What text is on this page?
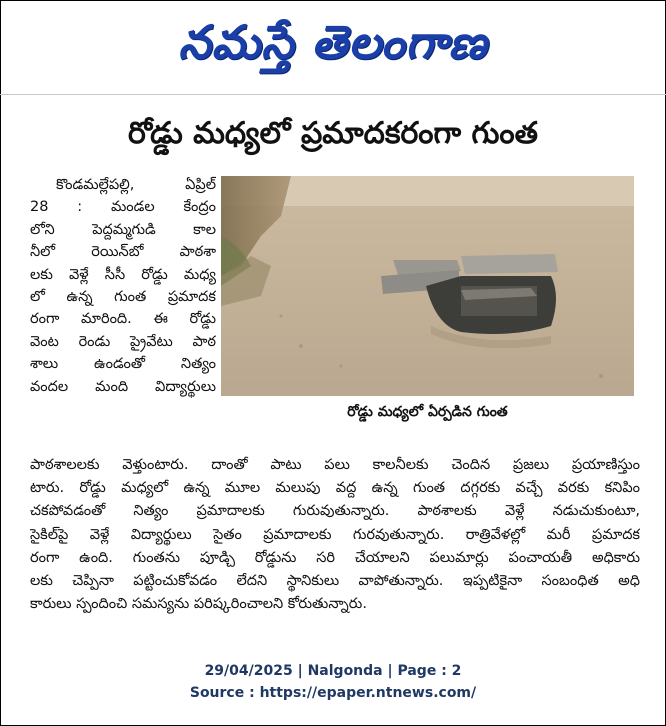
నమస్తే తెలంగాణ
రోడ్డు మధ్యలో ప్రమాదకరంగా గుంత
కొండమల్లేపల్లి, ఏప్రిల్
28 : మండల కేంద్రం
లోని పెద్దమ్మగుడి కాల
నీలో రెయిన్‌బో పాఠశా
లకు వెళ్లే సీసీ రోడ్డు మధ్య
లో ఉన్న గుంత ప్రమాదక
రంగా మారింది. ఈ రోడ్డు
వెంట రెండు ప్రైవేటు పాఠ
శాలు ఉండంతో నిత్యం
వందల మంది విద్యార్థులు
రోడ్డు మధ్యలో ఏర్పడిన గుంత
పాఠశాలలకు వెళ్తుంటారు. దాంతో పాటు పలు కాలనీలకు చెందిన ప్రజలు ప్రయాణిస్తుం
టారు. రోడ్డు మధ్యలో ఉన్న మూల మలుపు వద్ద ఉన్న గుంత దగ్గరకు వచ్చే వరకు కనిపిం
చకపోవడంతో నిత్యం ప్రమాదాలకు గురువుతున్నారు. పాఠశాలకు వెళ్లే నడుచుకుంటూ,
సైకిల్‌పై వెళ్లే విద్యార్థులు సైతం ప్రమాదాలకు గురవుతున్నారు. రాత్రివేళల్లో మరీ ప్రమాదక
రంగా ఉంది. గుంతను పూడ్చి రోడ్డును సరి చేయాలని పలుమార్లు పంచాయతీ అధికారు
లకు చెప్పినా పట్టించుకోవడం లేదని స్థానికులు వాపోతున్నారు. ఇప్పటికైనా సంబంధిత అధి
కారులు స్పందించి సమస్యను పరిష్కరించాలని కోరుతున్నారు.
29/04/2025 | Nalgonda | Page : 2
Source : https://epaper.ntnews.com/
